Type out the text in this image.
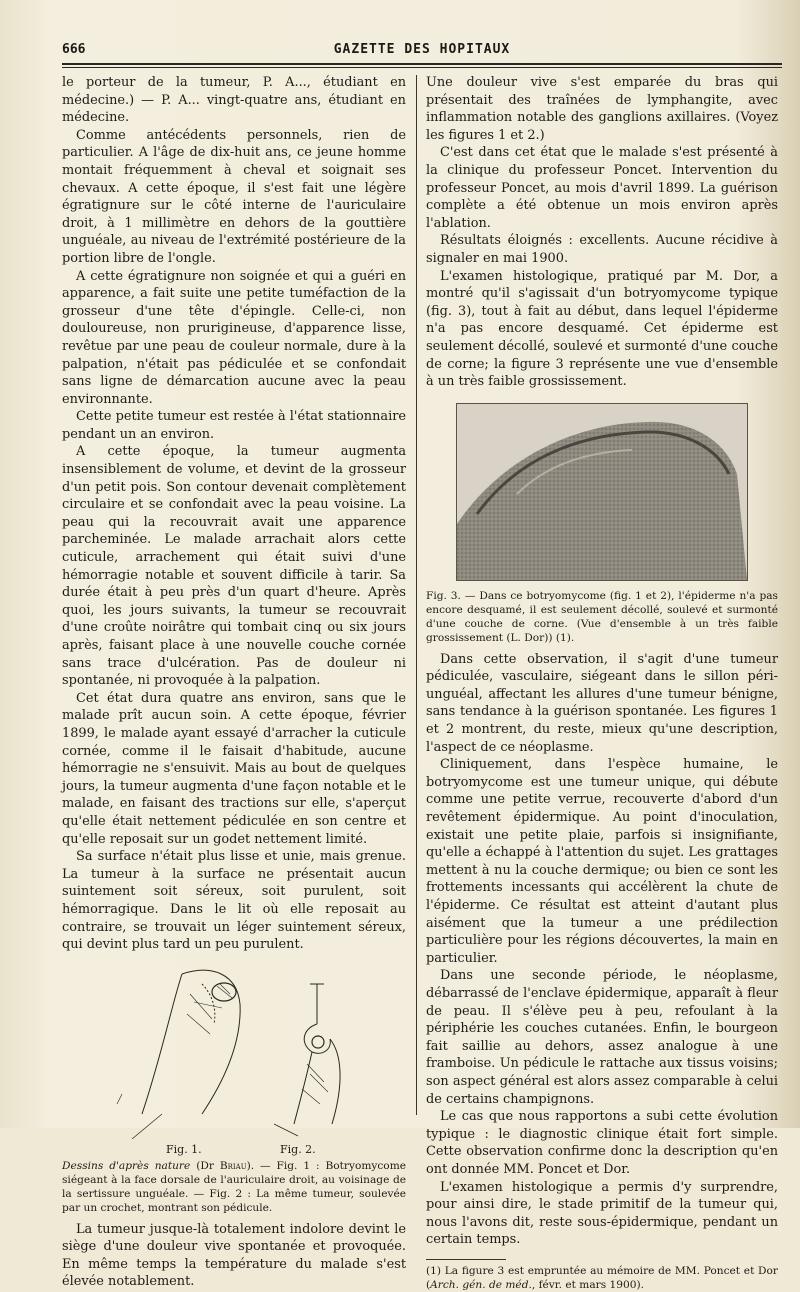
666	GAZETTE DES HOPITAUX

le porteur de la tumeur, P. A..., étudiant en médecine.) — P. A... vingt-quatre ans, étudiant en médecine.

Comme antécédents personnels, rien de particulier. A l'âge de dix-huit ans, ce jeune homme montait fréquemment à cheval et soignait ses chevaux. A cette époque, il s'est fait une légère égratignure sur le côté interne de l'auriculaire droit, à 1 millimètre en dehors de la gouttière unguéale, au niveau de l'extrémité postérieure de la portion libre de l'ongle.

A cette égratignure non soignée et qui a guéri en apparence, a fait suite une petite tuméfaction de la grosseur d'une tête d'épingle. Celle-ci, non douloureuse, non prurigineuse, d'apparence lisse, revêtue par une peau de couleur normale, dure à la palpation, n'était pas pédiculée et se confondait sans ligne de démarcation aucune avec la peau environnante.

Cette petite tumeur est restée à l'état stationnaire pendant un an environ.

A cette époque, la tumeur augmenta insensiblement de volume, et devint de la grosseur d'un petit pois. Son contour devenait complètement circulaire et se confondait avec la peau voisine. La peau qui la recouvrait avait une apparence parcheminée. Le malade arrachait alors cette cuticule, arrachement qui était suivi d'une hémorragie notable et souvent difficile à tarir. Sa durée était à peu près d'un quart d'heure. Après quoi, les jours suivants, la tumeur se recouvrait d'une croûte noirâtre qui tombait cinq ou six jours après, faisant place à une nouvelle couche cornée sans trace d'ulcération. Pas de douleur ni spontanée, ni provoquée à la palpation.

Cet état dura quatre ans environ, sans que le malade prît aucun soin. A cette époque, février 1899, le malade ayant essayé d'arracher la cuticule cornée, comme il le faisait d'habitude, aucune hémorragie ne s'ensuivit. Mais au bout de quelques jours, la tumeur augmenta d'une façon notable et le malade, en faisant des tractions sur elle, s'aperçut qu'elle était nettement pédiculée en son centre et qu'elle reposait sur un godet nettement limité.

Sa surface n'était plus lisse et unie, mais grenue. La tumeur à la surface ne présentait aucun suintement soit séreux, soit purulent, soit hémorragique. Dans le lit où elle reposait au contraire, se trouvait un léger suintement séreux, qui devint plus tard un peu purulent.

Fig. 1.	Fig. 2.
Dessins d'après nature (Dr Briau). — Fig. 1 : Botryomycome siégeant à la face dorsale de l'auriculaire droit, au voisinage de la sertissure unguéale. — Fig. 2 : La même tumeur, soulevée par un crochet, montrant son pédicule.

La tumeur jusque-là totalement indolore devint le siège d'une douleur vive spontanée et provoquée. En même temps la température du malade s'est élevée notablement.

Une douleur vive s'est emparée du bras qui présentait des traînées de lymphangite, avec inflammation notable des ganglions axillaires. (Voyez les figures 1 et 2.)

C'est dans cet état que le malade s'est présenté à la clinique du professeur Poncet. Intervention du professeur Poncet, au mois d'avril 1899. La guérison complète a été obtenue un mois environ après l'ablation.

Résultats éloignés : excellents. Aucune récidive à signaler en mai 1900.

L'examen histologique, pratiqué par M. Dor, a montré qu'il s'agissait d'un botryomycome typique (fig. 3), tout à fait au début, dans lequel l'épiderme n'a pas encore desquamé. Cet épiderme est seulement décollé, soulevé et surmonté d'une couche de corne; la figure 3 représente une vue d'ensemble à un très faible grossissement.

Fig. 3. — Dans ce botryomycome (fig. 1 et 2), l'épiderme n'a pas encore desquamé, il est seulement décollé, soulevé et surmonté d'une couche de corne. (Vue d'ensemble à un très faible grossissement (L. Dor)) (1).

Dans cette observation, il s'agit d'une tumeur pédiculée, vasculaire, siégeant dans le sillon péri-unguéal, affectant les allures d'une tumeur bénigne, sans tendance à la guérison spontanée. Les figures 1 et 2 montrent, du reste, mieux qu'une description, l'aspect de ce néoplasme.

Cliniquement, dans l'espèce humaine, le botryomycome est une tumeur unique, qui débute comme une petite verrue, recouverte d'abord d'un revêtement épidermique. Au point d'inoculation, existait une petite plaie, parfois si insignifiante, qu'elle a échappé à l'attention du sujet. Les grattages mettent à nu la couche dermique; ou bien ce sont les frottements incessants qui accélèrent la chute de l'épiderme. Ce résultat est atteint d'autant plus aisément que la tumeur a une prédilection particulière pour les régions découvertes, la main en particulier.

Dans une seconde période, le néoplasme, débarrassé de l'enclave épidermique, apparaît à fleur de peau. Il s'élève peu à peu, refoulant à la périphérie les couches cutanées. Enfin, le bourgeon fait saillie au dehors, assez analogue à une framboise. Un pédicule le rattache aux tissus voisins; son aspect général est alors assez comparable à celui de certains champignons.

Le cas que nous rapportons a subi cette évolution typique : le diagnostic clinique était fort simple. Cette observation confirme donc la description qu'en ont donnée MM. Poncet et Dor.

L'examen histologique a permis d'y surprendre, pour ainsi dire, le stade primitif de la tumeur qui, nous l'avons dit, reste sous-épidermique, pendant un certain temps.

(1) La figure 3 est empruntée au mémoire de MM. Poncet et Dor (Arch. gén. de méd., févr. et mars 1900).
